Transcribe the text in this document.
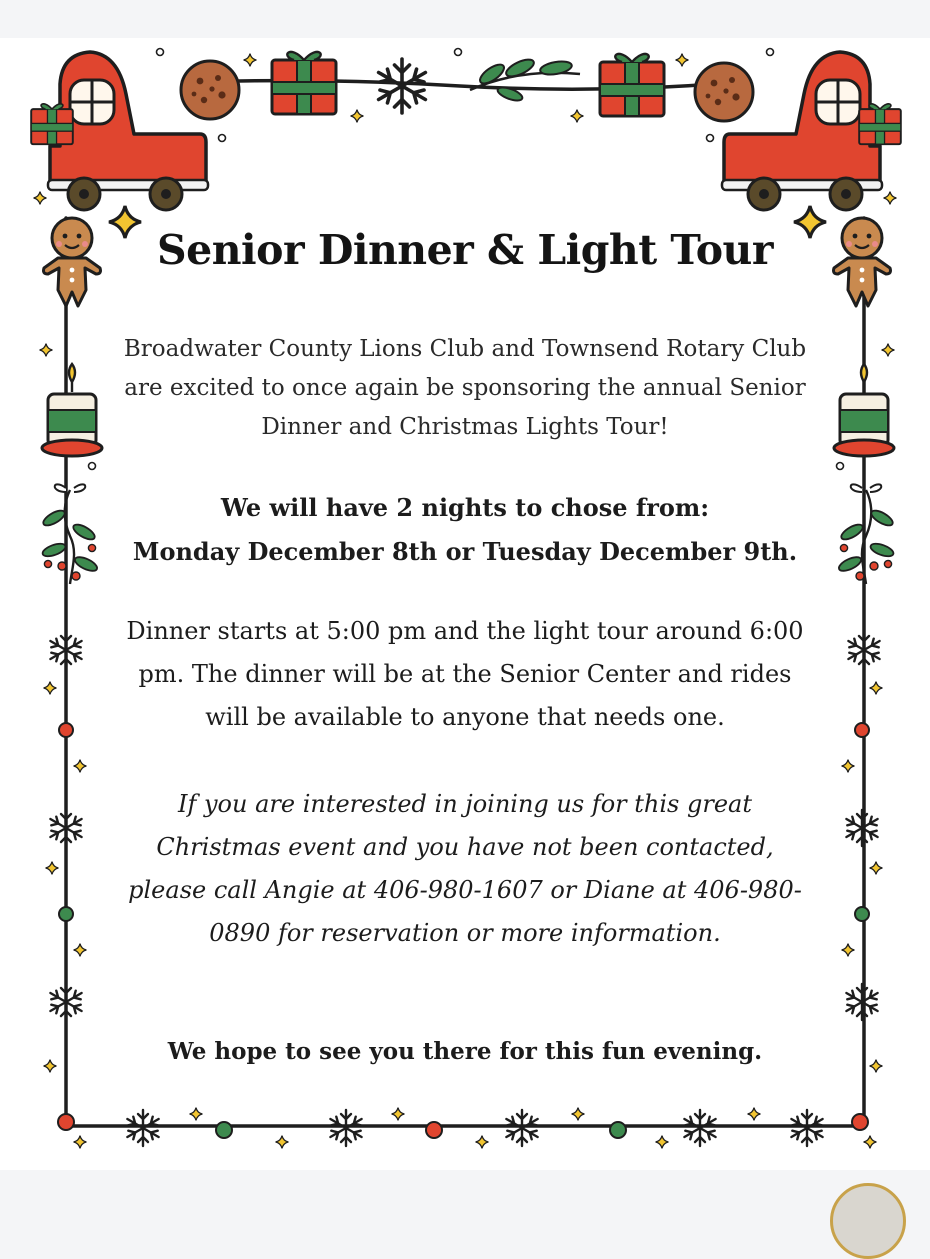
Senior Dinner & Light Tour

Broadwater County Lions Club and Townsend Rotary Club are excited to once again be sponsoring the annual Senior Dinner and Christmas Lights Tour!

We will have 2 nights to chose from:
Monday December 8th or Tuesday December 9th.

Dinner starts at 5:00 pm and the light tour around 6:00 pm. The dinner will be at the Senior Center and rides will be available to anyone that needs one.

If you are interested in joining us for this great Christmas event and you have not been contacted, please call Angie at 406-980-1607 or Diane at 406-980-0890 for reservation or more information.

We hope to see you there for this fun evening.
